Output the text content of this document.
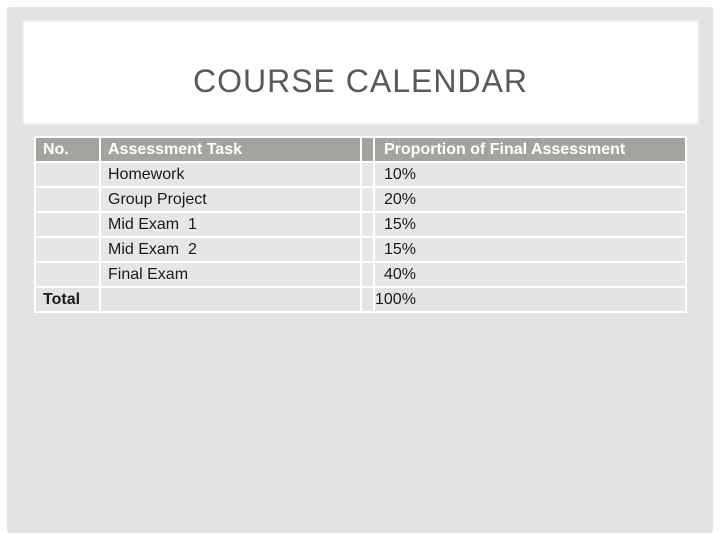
COURSE CALENDAR
No.	Assessment Task		Proportion of Final Assessment
	Homework		10%
	Group Project		20%
	Mid Exam  1		15%
	Mid Exam  2		15%
	Final Exam		40%
Total			100%
